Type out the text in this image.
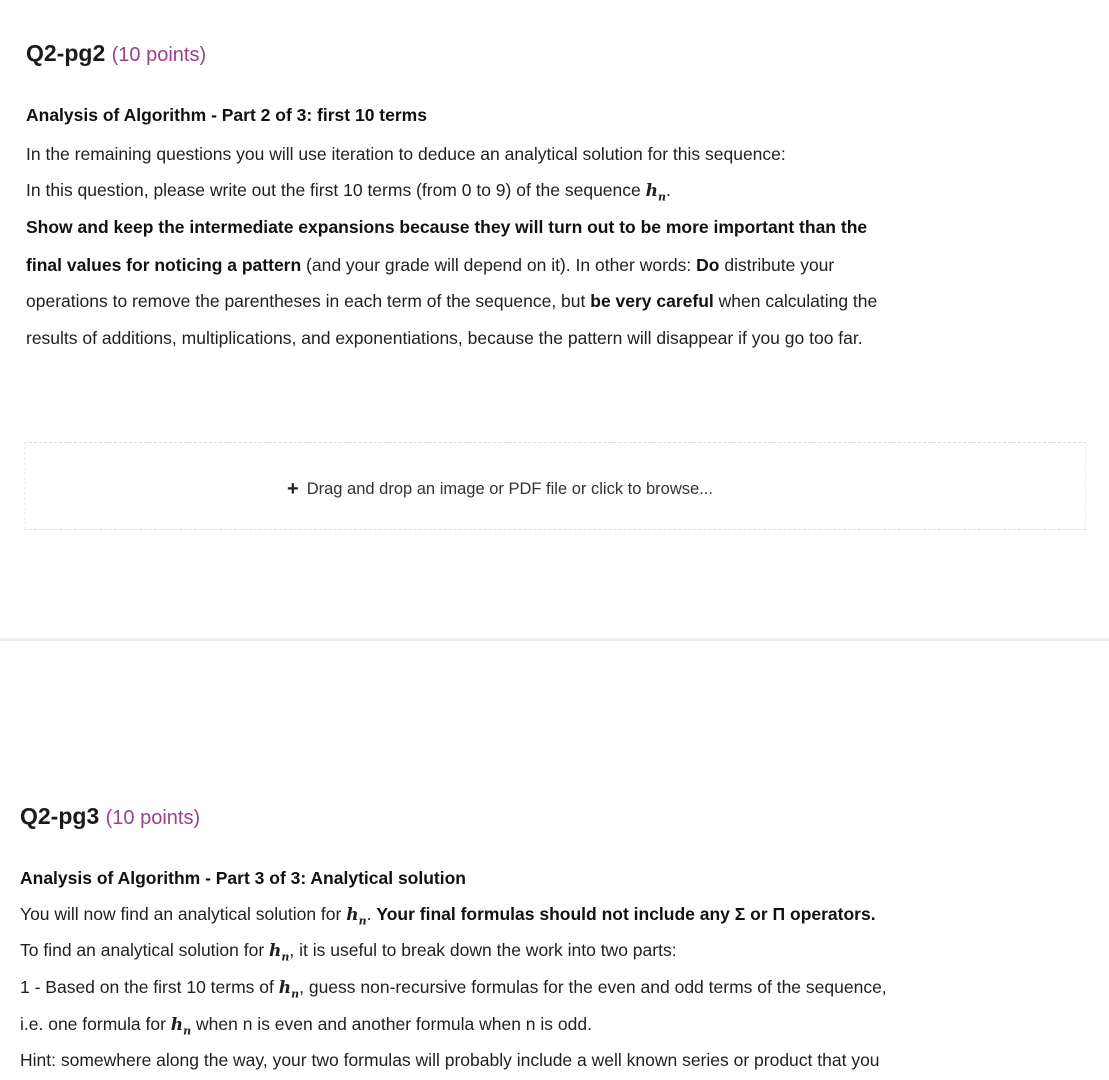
Q2-pg2 (10 points)
Analysis of Algorithm - Part 2 of 3: first 10 terms
In the remaining questions you will use iteration to deduce an analytical solution for this sequence:
In this question, please write out the first 10 terms (from 0 to 9) of the sequence $h_n$.
Show and keep the intermediate expansions because they will turn out to be more important than the
final values for noticing a pattern (and your grade will depend on it). In other words: Do distribute your
operations to remove the parentheses in each term of the sequence, but be very careful when calculating the
results of additions, multiplications, and exponentiations, because the pattern will disappear if you go too far.
+ Drag and drop an image or PDF file or click to browse...
Q2-pg3 (10 points)
Analysis of Algorithm - Part 3 of 3: Analytical solution
You will now find an analytical solution for $h_n$. Your final formulas should not include any Σ or Π operators.
To find an analytical solution for $h_n$, it is useful to break down the work into two parts:
1 - Based on the first 10 terms of $h_n$, guess non-recursive formulas for the even and odd terms of the sequence,
i.e. one formula for $h_n$ when n is even and another formula when n is odd.
Hint: somewhere along the way, your two formulas will probably include a well known series or product that you
